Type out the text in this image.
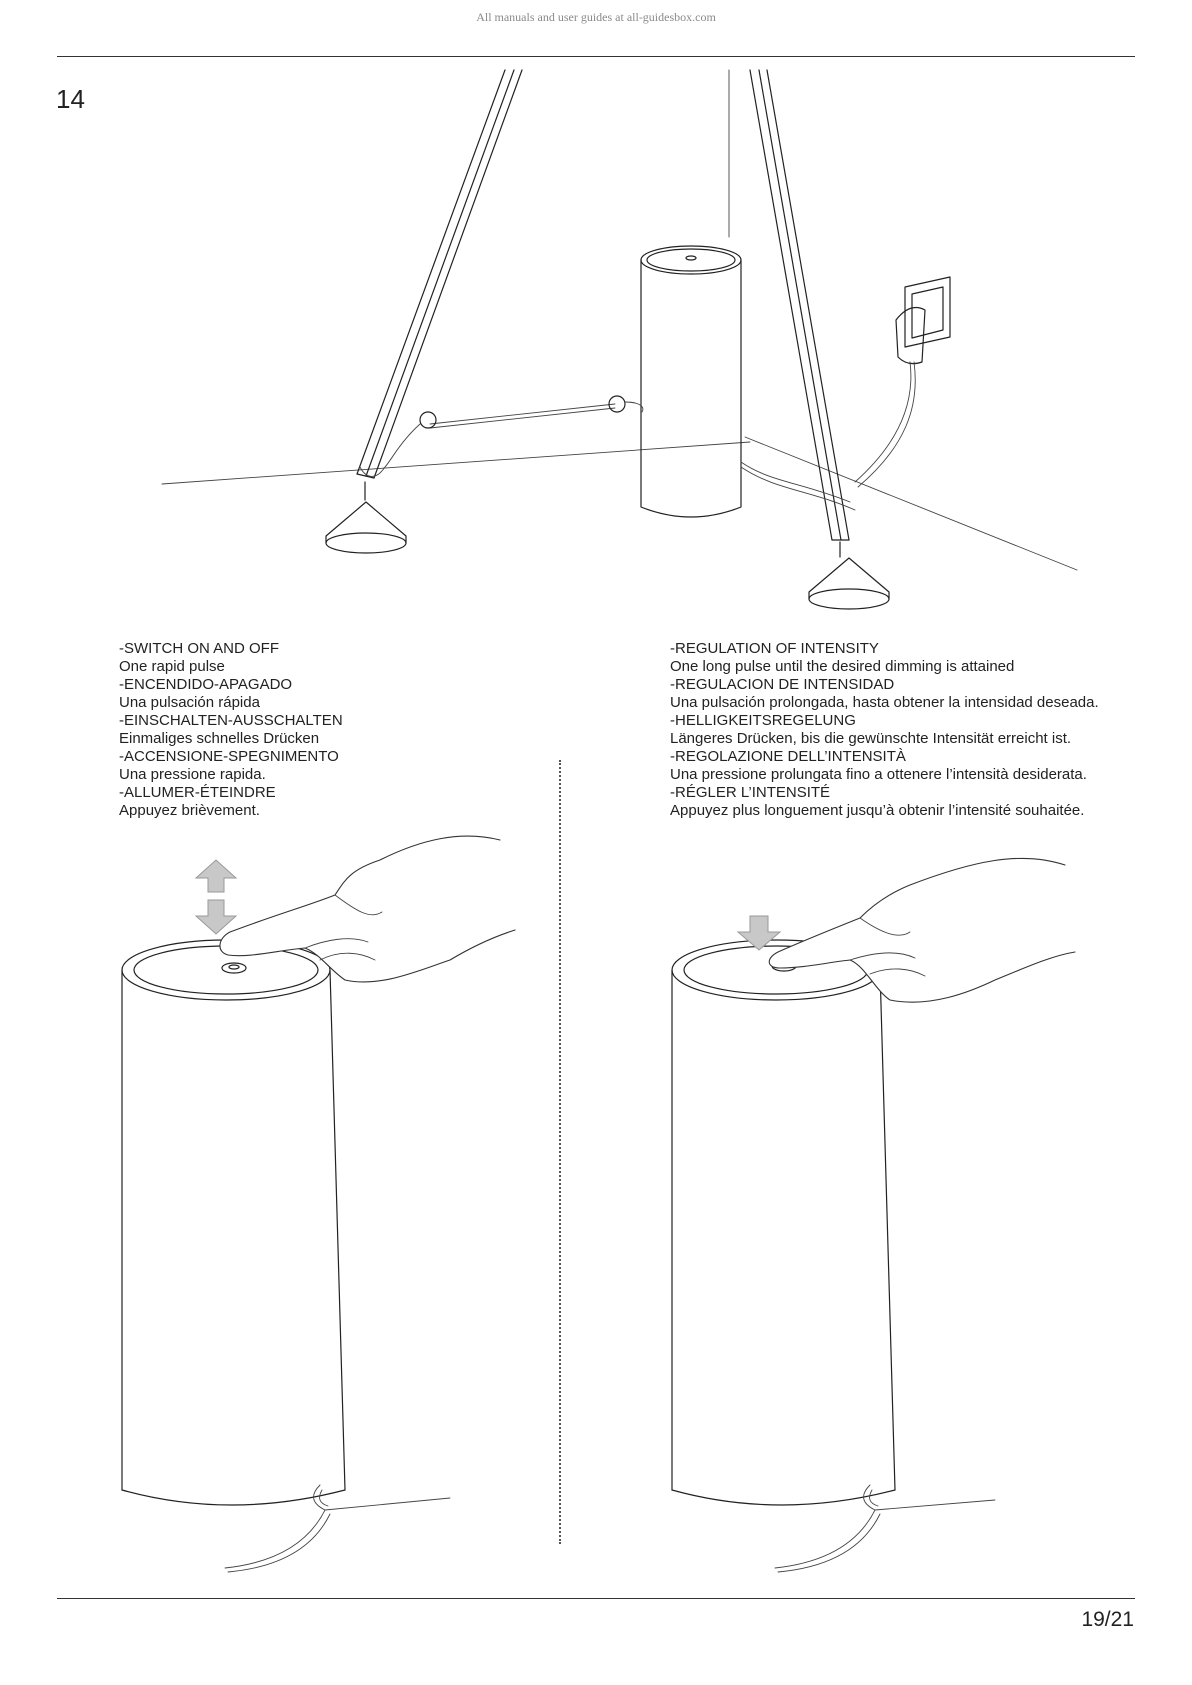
All manuals and user guides at all-guidesbox.com
14
-SWITCH ON AND OFF
One rapid pulse
-ENCENDIDO-APAGADO
Una pulsación rápida
-EINSCHALTEN-AUSSCHALTEN
Einmaliges schnelles Drücken
-ACCENSIONE-SPEGNIMENTO
Una pressione rapida.
-ALLUMER-ÉTEINDRE
Appuyez brièvement.
-REGULATION OF INTENSITY
One long pulse until the desired dimming is attained
-REGULACION DE INTENSIDAD
Una pulsación prolongada, hasta obtener la intensidad deseada.
-HELLIGKEITSREGELUNG
Längeres Drücken, bis die gewünschte Intensität erreicht ist.
-REGOLAZIONE DELL’INTENSITÀ
Una pressione prolungata fino a ottenere l’intensità desiderata.
-RÉGLER L’INTENSITÉ
Appuyez plus longuement jusqu’à obtenir l’intensité souhaitée.
19/21
